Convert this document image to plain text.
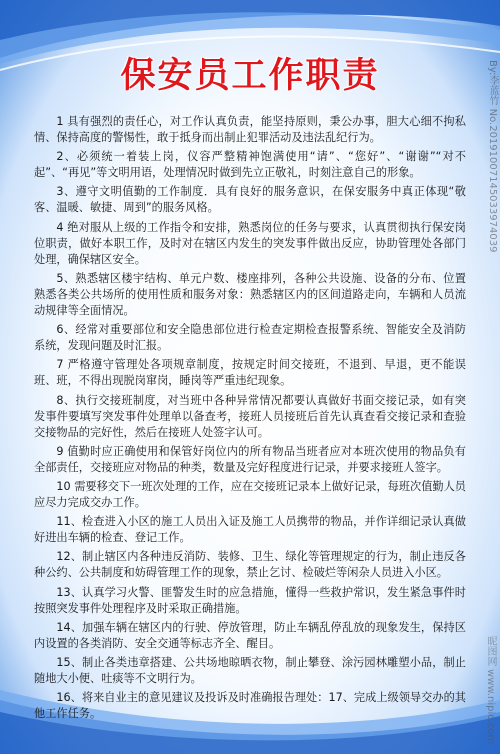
保安员工作职责

1 具有强烈的责任心，对工作认真负责，能坚持原则，秉公办事，胆大心细不拘私情、保持高度的警惕性，敢于抵身而出制止犯罪活动及违法乱纪行为。

2、必须统一着装上岗，仪容严整精神饱满使用“请”、“您好”、“谢谢”“对不起”、“再见”等文明用语，处理情况时做到先立正敬礼，时刻注意自己的形象。

3、遵守文明值勤的工作制度．具有良好的服务意识，在保安服务中真正体现“敬客、温暖、敏捷、周到”的服务风格。

4 绝对服从上级的工作指令和安排，熟悉岗位的任务与要求，认真贯彻执行保安岗位职责，做好本职工作，及时对在辖区内发生的突发事件做出反应，协助管理处各部门处理，确保辖区安全。

5、熟悉辖区楼宇结构、单元户数、楼座排列，各种公共设施、设备的分布、位置熟悉各类公共场所的使用性质和服务对象：熟悉辖区内的区间道路走向，车辆和人员流动规律等全面情况。

6、经常对重要部位和安全隐患部位进行检查定期检查报警系统、智能安全及消防系统，发现问题及时汇报。

7 严格遵守管理处各项规章制度，按规定时间交接班，不退到、早退，更不能误班、班，不得出现脱岗窜岗，睡岗等严重违纪现象。

8、执行交接班制度，对当班中各种异常情况都要认真做好书面交接记录，如有突发事件要填写突发事件处理单以备查考，接班人员接班后首先认真查看交接记录和查验交接物品的完好性，然后在接班人处签字认可。

9 值勤时应正确使用和保管好岗位内的所有物品当班者应对本班次使用的物品负有全部责任，交接班应对物品的种类，数量及完好程度进行记录，并要求接班人签字。

10 需要移交下一班次处理的工作，应在交接班记录本上做好记录，每班次值勤人员应尽力完成交办工作。

11、检查进入小区的施工人员出入证及施工人员携带的物品，并作详细记录认真做好进出车辆的检查、登记工作。

12、制止辖区内各种违反消防、装修、卫生、绿化等管理规定的行为，制止违反各种公约、公共制度和妨碍管理工作的现象，禁止乞讨、检破烂等闲杂人员进入小区。

13、认真学习火警、匪警发生时的应急措施，懂得一些救护常识，发生紧急事件时按照突发事件处理程序及时采取正确措施。

14、加强车辆在辖区内的行驶、停放管理，防止车辆乱停乱放的现象发生，保持区内设置的各类消防、安全交通等标志齐全、醒目。

15、制止各类违章搭建、公共场地晾晒衣物，制止攀登、涂污园林雕塑小品，制止随地大小便、吐痰等不文明行为。

16、将来自业主的意见建议及投诉及时准确报告理处：17、完成上级领导交办的其他工作任务。

By:李蓝竹 No.20191007145033974039
昵图网 www.nipic.com
